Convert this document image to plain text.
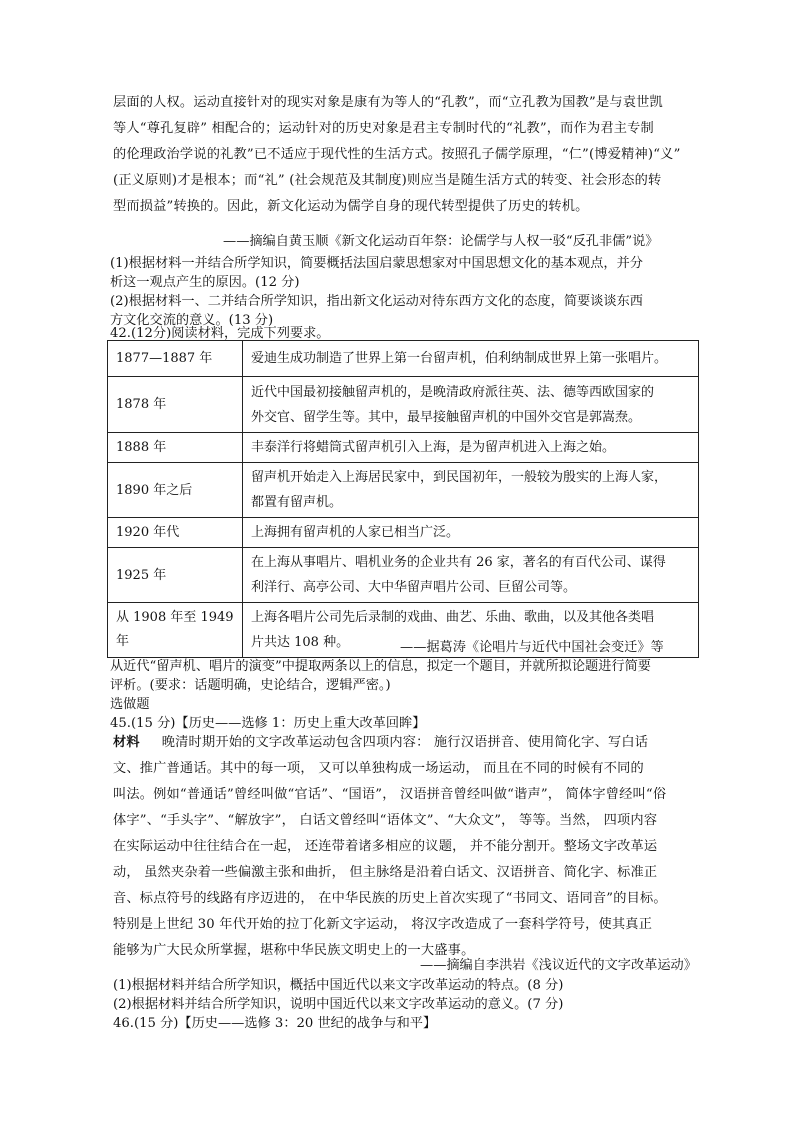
层面的人权。运动直接针对的现实对象是康有为等人的“孔教”，而“立孔教为国教”是与袁世凯
等人“尊孔复辟” 相配合的；运动针对的历史对象是君主专制时代的“礼教”，而作为君主专制
的伦理政治学说的礼教”已不适应于现代性的生活方式。按照孔子儒学原理，“仁”(博爱精神)“义”
(正义原则)才是根本；而“礼” (社会规范及其制度)则应当是随生活方式的转变、社会形态的转
型而损益”转换的。因此，新文化运动为儒学自身的现代转型提供了历史的转机。
——摘编自黄玉顺《新文化运动百年祭：论儒学与人权一驳“反孔非儒”说》
(1)根据材料一并结合所学知识，简要概括法国启蒙思想家对中国思想文化的基本观点，并分
析这一观点产生的原因。(12 分)
(2)根据材料一、二并结合所学知识，指出新文化运动对待东西方文化的态度，简要谈谈东西
方文化交流的意义。(13 分)
42.(12分)阅读材料，完成下列要求。
1877—1887 年	爱迪生成功制造了世界上第一台留声机，伯利纳制成世界上第一张唱片。
1878 年	近代中国最初接触留声机的，是晚清政府派往英、法、德等西欧国家的
外交官、留学生等。其中，最早接触留声机的中国外交官是郭嵩焘。
1888 年	丰泰洋行将蜡筒式留声机引入上海，是为留声机进入上海之始。
1890 年之后	留声机开始走入上海居民家中，到民国初年，一般较为殷实的上海人家，
都置有留声机。
1920 年代	上海拥有留声机的人家已相当广泛。
1925 年	在上海从事唱片、唱机业务的企业共有 26 家，著名的有百代公司、谋得
利洋行、高亭公司、大中华留声唱片公司、巨留公司等。
从 1908 年至 1949 年	上海各唱片公司先后录制的戏曲、曲艺、乐曲、歌曲，以及其他各类唱
片共达 108 种。	——据葛涛《论唱片与近代中国社会变迁》等
从近代“留声机、唱片的演变”中提取两条以上的信息，拟定一个题目，并就所拟论题进行简要
评析。(要求：话题明确，史论结合，逻辑严密。)
选做题
45.(15 分)【历史——选修 1：历史上重大改革回眸】
材料 晚清时期开始的文字改革运动包含四项内容： 施行汉语拼音、使用简化字、写白话
文、推广普通话。其中的每一项， 又可以单独构成一场运动， 而且在不同的时候有不同的
叫法。例如“普通话”曾经叫做“官话”、“国语”， 汉语拼音曾经叫做“谐声”， 简体字曾经叫“俗
体字”、“手头字”、“解放字”， 白话文曾经叫“语体文”、“大众文”， 等等。当然， 四项内容
在实际运动中往往结合在一起， 还连带着诸多相应的议题， 并不能分割开。整场文字改革运
动， 虽然夹杂着一些偏激主张和曲折， 但主脉络是沿着白话文、汉语拼音、简化字、标准正
音、标点符号的线路有序迈进的， 在中华民族的历史上首次实现了“书同文、语同音”的目标。
特别是上世纪 30 年代开始的拉丁化新文字运动， 将汉字改造成了一套科学符号，使其真正
能够为广大民众所掌握，堪称中华民族文明史上的一大盛事。
——摘编自李洪岩《浅议近代的文字改革运动》
(1)根据材料并结合所学知识，概括中国近代以来文字改革运动的特点。(8 分)
(2)根据材料并结合所学知识，说明中国近代以来文字改革运动的意义。(7 分)
46.(15 分)【历史——选修 3：20 世纪的战争与和平】
